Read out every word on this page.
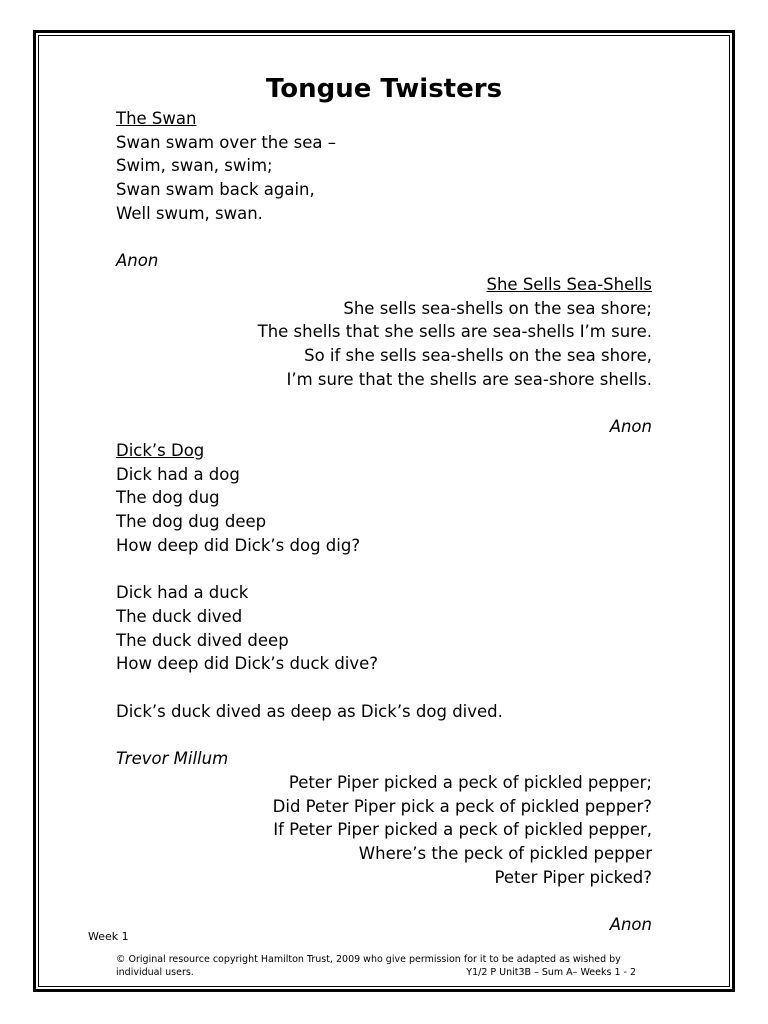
Tongue Twisters
The Swan
Swan swam over the sea –
Swim, swan, swim;
Swan swam back again,
Well swum, swan.
Anon
She Sells Sea-Shells
She sells sea-shells on the sea shore;
The shells that she sells are sea-shells I’m sure.
So if she sells sea-shells on the sea shore,
I’m sure that the shells are sea-shore shells.
Anon
Dick’s Dog
Dick had a dog
The dog dug
The dog dug deep
How deep did Dick’s dog dig?
Dick had a duck
The duck dived
The duck dived deep
How deep did Dick’s duck dive?
Dick’s duck dived as deep as Dick’s dog dived.
Trevor Millum
Peter Piper picked a peck of pickled pepper;
Did Peter Piper pick a peck of pickled pepper?
If Peter Piper picked a peck of pickled pepper,
Where’s the peck of pickled pepper
Peter Piper picked?
Anon
Week 1
© Original resource copyright Hamilton Trust, 2009 who give permission for it to be adapted as wished by
individual users.	Y1/2 P Unit3B – Sum A– Weeks 1 - 2
